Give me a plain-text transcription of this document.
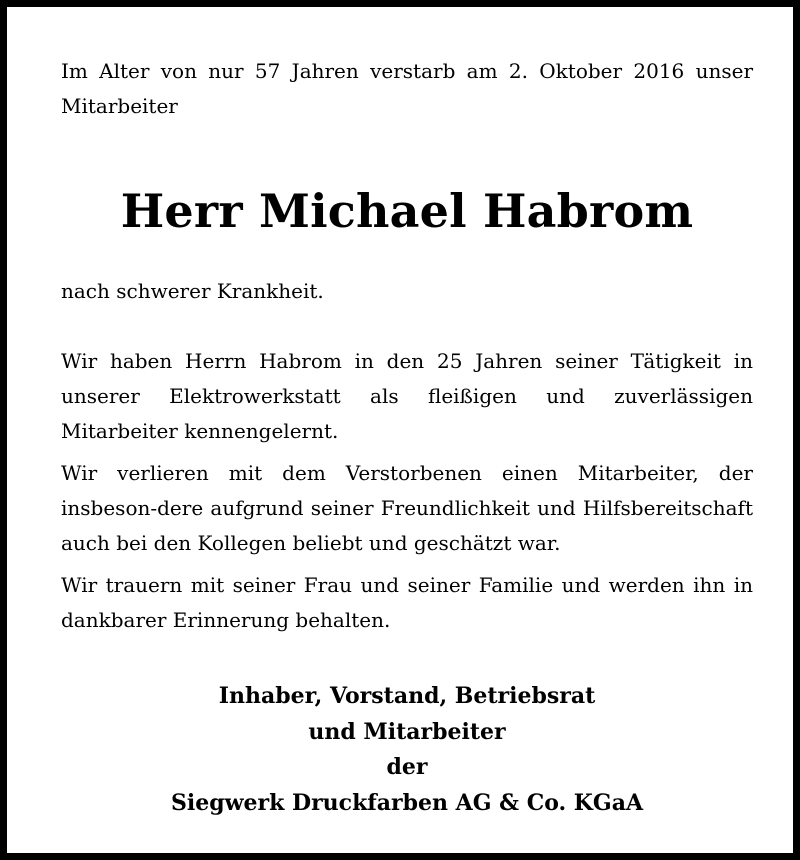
Im Alter von nur 57 Jahren verstarb am 2. Oktober 2016 unser Mitarbeiter

Herr Michael Habrom

nach schwerer Krankheit.

Wir haben Herrn Habrom in den 25 Jahren seiner Tätigkeit in unserer Elektrowerkstatt als fleißigen und zuverlässigen Mitarbeiter kennengelernt.

Wir verlieren mit dem Verstorbenen einen Mitarbeiter, der insbeson-dere aufgrund seiner Freundlichkeit und Hilfsbereitschaft auch bei den Kollegen beliebt und geschätzt war.

Wir trauern mit seiner Frau und seiner Familie und werden ihn in dankbarer Erinnerung behalten.

Inhaber, Vorstand, Betriebsrat
und Mitarbeiter
der
Siegwerk Druckfarben AG & Co. KGaA
